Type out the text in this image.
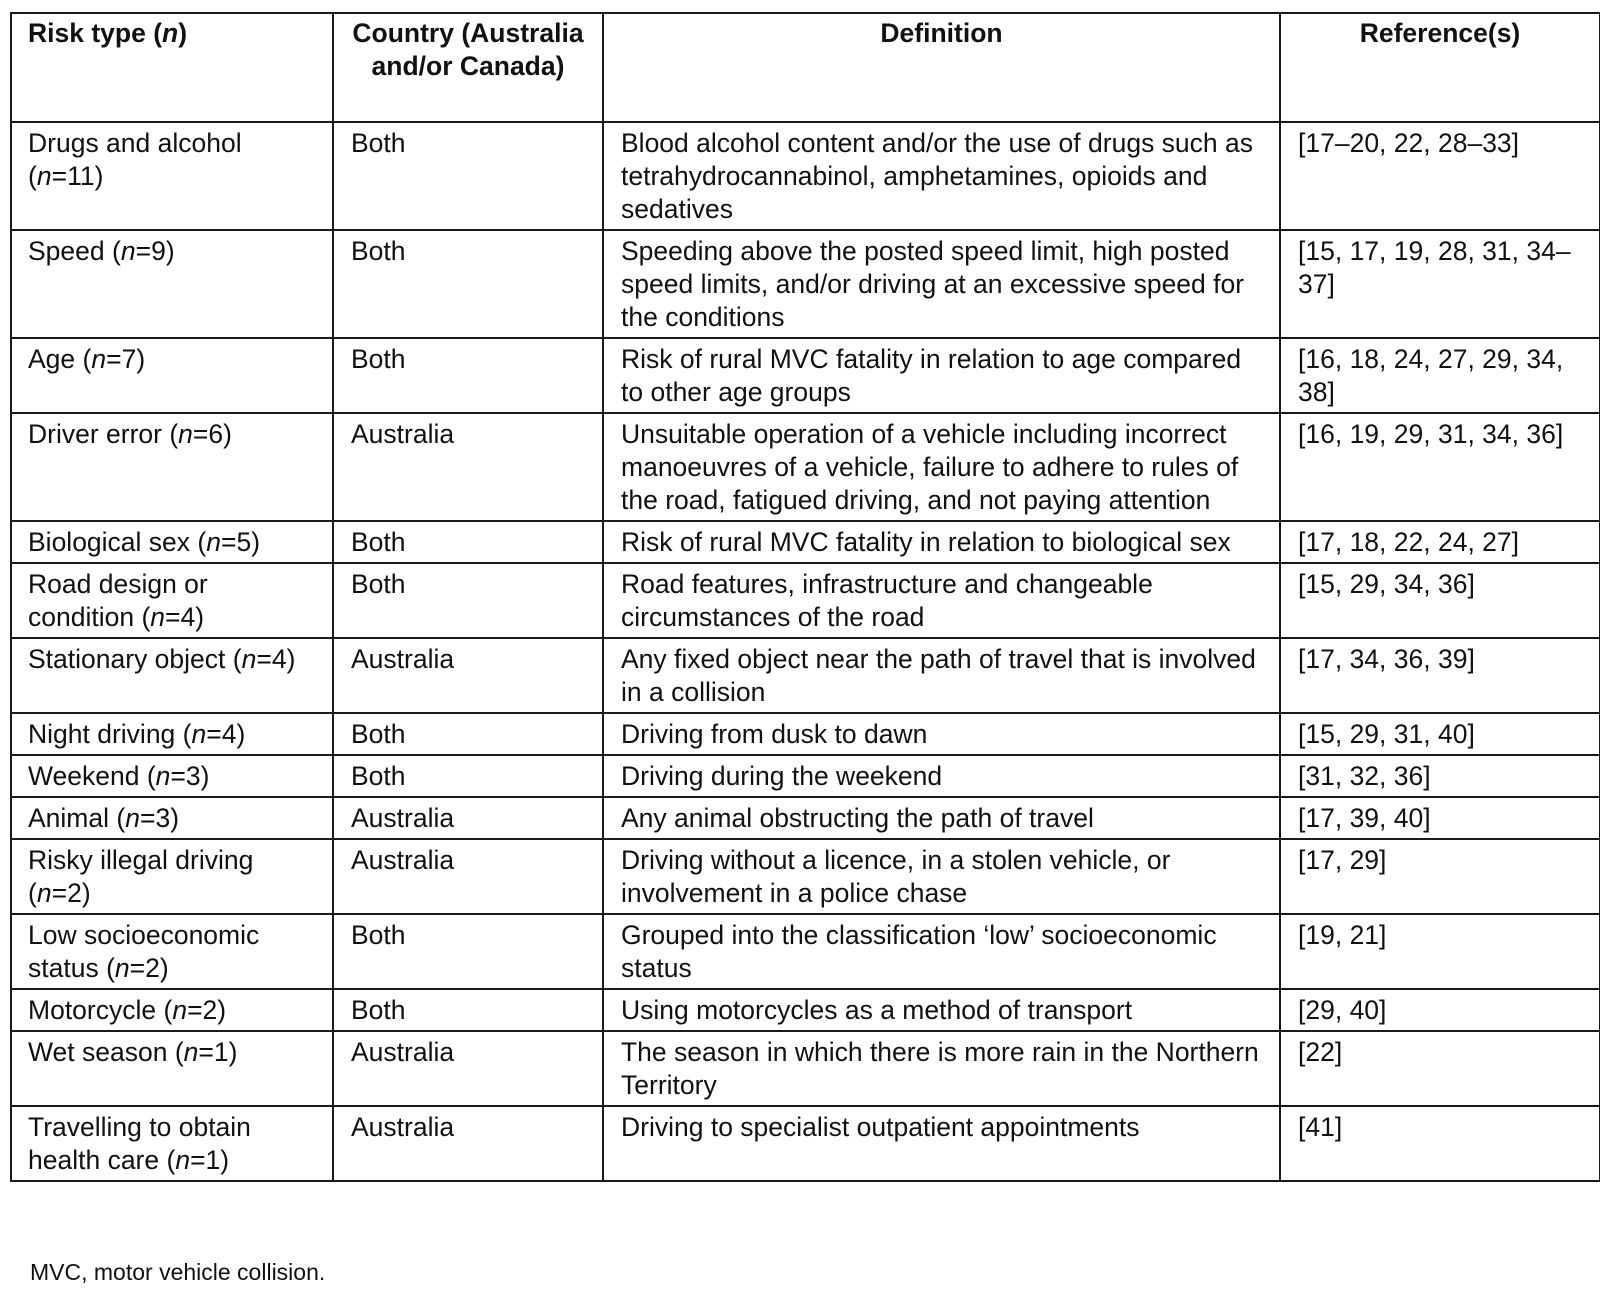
Risk type (n)	Country (Australia and/or Canada)	Definition	Reference(s)
Drugs and alcohol (n=11)	Both	Blood alcohol content and/or the use of drugs such as tetrahydrocannabinol, amphetamines, opioids and sedatives	[17–20, 22, 28–33]
Speed (n=9)	Both	Speeding above the posted speed limit, high posted speed limits, and/or driving at an excessive speed for the conditions	[15, 17, 19, 28, 31, 34–37]
Age (n=7)	Both	Risk of rural MVC fatality in relation to age compared to other age groups	[16, 18, 24, 27, 29, 34, 38]
Driver error (n=6)	Australia	Unsuitable operation of a vehicle including incorrect manoeuvres of a vehicle, failure to adhere to rules of the road, fatigued driving, and not paying attention	[16, 19, 29, 31, 34, 36]
Biological sex (n=5)	Both	Risk of rural MVC fatality in relation to biological sex	[17, 18, 22, 24, 27]
Road design or condition (n=4)	Both	Road features, infrastructure and changeable circumstances of the road	[15, 29, 34, 36]
Stationary object (n=4)	Australia	Any fixed object near the path of travel that is involved in a collision	[17, 34, 36, 39]
Night driving (n=4)	Both	Driving from dusk to dawn	[15, 29, 31, 40]
Weekend (n=3)	Both	Driving during the weekend	[31, 32, 36]
Animal (n=3)	Australia	Any animal obstructing the path of travel	[17, 39, 40]
Risky illegal driving (n=2)	Australia	Driving without a licence, in a stolen vehicle, or involvement in a police chase	[17, 29]
Low socioeconomic status (n=2)	Both	Grouped into the classification ‘low’ socioeconomic status	[19, 21]
Motorcycle (n=2)	Both	Using motorcycles as a method of transport	[29, 40]
Wet season (n=1)	Australia	The season in which there is more rain in the Northern Territory	[22]
Travelling to obtain health care (n=1)	Australia	Driving to specialist outpatient appointments	[41]
MVC, motor vehicle collision.
